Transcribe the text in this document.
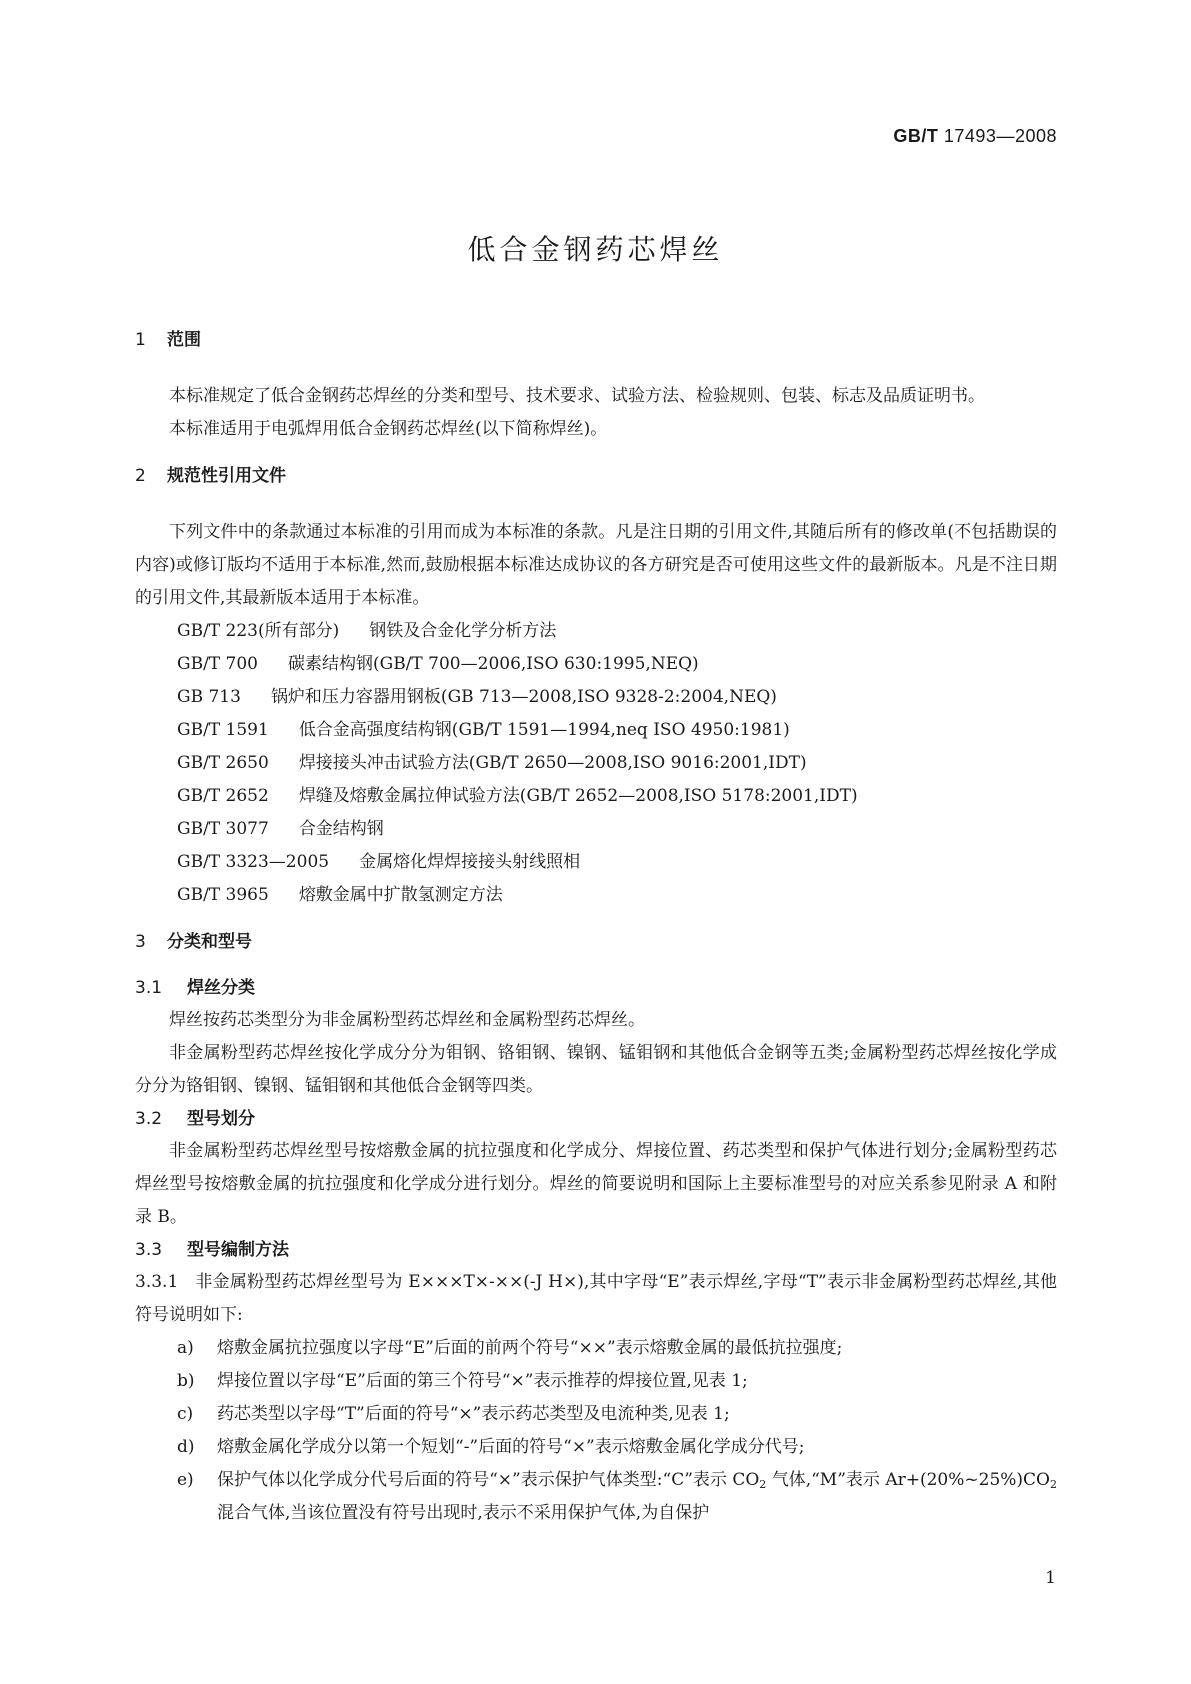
GB/T 17493—2008
低合金钢药芯焊丝
1 范围

本标准规定了低合金钢药芯焊丝的分类和型号、技术要求、试验方法、检验规则、包装、标志及品质证明书。

本标准适用于电弧焊用低合金钢药芯焊丝(以下简称焊丝)。

2 规范性引用文件

下列文件中的条款通过本标准的引用而成为本标准的条款。凡是注日期的引用文件,其随后所有的修改单(不包括勘误的内容)或修订版均不适用于本标准,然而,鼓励根据本标准达成协议的各方研究是否可使用这些文件的最新版本。凡是不注日期的引用文件,其最新版本适用于本标准。

GB/T 223(所有部分) 钢铁及合金化学分析方法
GB/T 700 碳素结构钢(GB/T 700—2006,ISO 630:1995,NEQ)
GB 713 锅炉和压力容器用钢板(GB 713—2008,ISO 9328-2:2004,NEQ)
GB/T 1591 低合金高强度结构钢(GB/T 1591—1994,neq ISO 4950:1981)
GB/T 2650 焊接接头冲击试验方法(GB/T 2650—2008,ISO 9016:2001,IDT)
GB/T 2652 焊缝及熔敷金属拉伸试验方法(GB/T 2652—2008,ISO 5178:2001,IDT)
GB/T 3077 合金结构钢
GB/T 3323—2005 金属熔化焊焊接接头射线照相
GB/T 3965 熔敷金属中扩散氢测定方法
3 分类和型号
3.1 焊丝分类

焊丝按药芯类型分为非金属粉型药芯焊丝和金属粉型药芯焊丝。

非金属粉型药芯焊丝按化学成分分为钼钢、铬钼钢、镍钢、锰钼钢和其他低合金钢等五类;金属粉型药芯焊丝按化学成分分为铬钼钢、镍钢、锰钼钢和其他低合金钢等四类。

3.2 型号划分

非金属粉型药芯焊丝型号按熔敷金属的抗拉强度和化学成分、焊接位置、药芯类型和保护气体进行划分;金属粉型药芯焊丝型号按熔敷金属的抗拉强度和化学成分进行划分。焊丝的简要说明和国际上主要标准型号的对应关系参见附录 A 和附录 B。

3.3 型号编制方法

3.3.1 非金属粉型药芯焊丝型号为 E×××T×-××(-J H×),其中字母“E”表示焊丝,字母“T”表示非金属粉型药芯焊丝,其他符号说明如下:

a) 熔敷金属抗拉强度以字母“E”后面的前两个符号“××”表示熔敷金属的最低抗拉强度;

b) 焊接位置以字母“E”后面的第三个符号“×”表示推荐的焊接位置,见表 1;

c) 药芯类型以字母“T”后面的符号“×”表示药芯类型及电流种类,见表 1;

d) 熔敷金属化学成分以第一个短划“-”后面的符号“×”表示熔敷金属化学成分代号;

e) 保护气体以化学成分代号后面的符号“×”表示保护气体类型:“C”表示 $CO_2$ 气体,“M”表示 $Ar+(20\%\sim 25\%)CO_2$ 混合气体,当该位置没有符号出现时,表示不采用保护气体,为自保护

1
